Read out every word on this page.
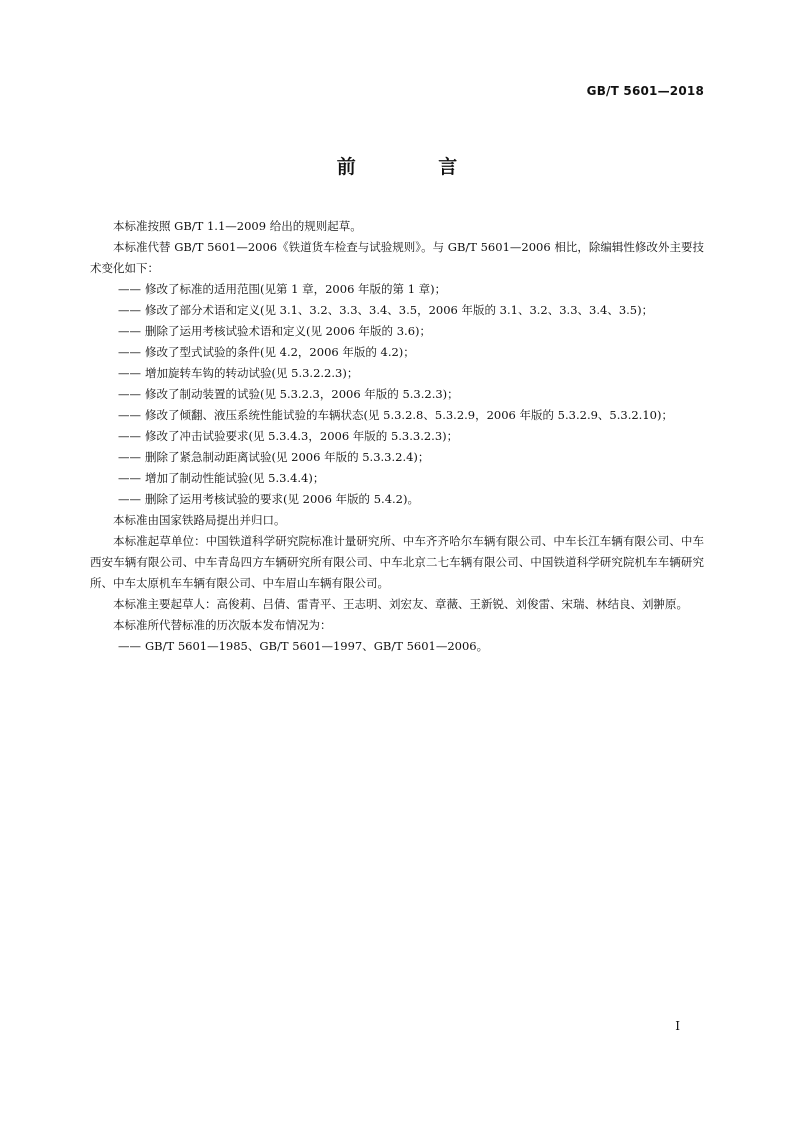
GB/T 5601—2018
前 言

本标准按照 GB/T 1.1—2009 给出的规则起草。

本标准代替 GB/T 5601—2006《铁道货车检查与试验规则》。与 GB/T 5601—2006 相比，除编辑性修改外主要技术变化如下：

—— 修改了标准的适用范围(见第 1 章，2006 年版的第 1 章)；

—— 修改了部分术语和定义(见 3.1、3.2、3.3、3.4、3.5，2006 年版的 3.1、3.2、3.3、3.4、3.5)；

—— 删除了运用考核试验术语和定义(见 2006 年版的 3.6)；

—— 修改了型式试验的条件(见 4.2，2006 年版的 4.2)；

—— 增加旋转车钩的转动试验(见 5.3.2.2.3)；

—— 修改了制动装置的试验(见 5.3.2.3，2006 年版的 5.3.2.3)；

—— 修改了倾翻、液压系统性能试验的车辆状态(见 5.3.2.8、5.3.2.9，2006 年版的 5.3.2.9、5.3.2.10)；

—— 修改了冲击试验要求(见 5.3.4.3，2006 年版的 5.3.3.2.3)；

—— 删除了紧急制动距离试验(见 2006 年版的 5.3.3.2.4)；

—— 增加了制动性能试验(见 5.3.4.4)；

—— 删除了运用考核试验的要求(见 2006 年版的 5.4.2)。

本标准由国家铁路局提出并归口。

本标准起草单位：中国铁道科学研究院标准计量研究所、中车齐齐哈尔车辆有限公司、中车长江车辆有限公司、中车西安车辆有限公司、中车青岛四方车辆研究所有限公司、中车北京二七车辆有限公司、中国铁道科学研究院机车车辆研究所、中车太原机车车辆有限公司、中车眉山车辆有限公司。

本标准主要起草人：高俊莉、吕倩、雷青平、王志明、刘宏友、章薇、王新锐、刘俊雷、宋瑞、林结良、刘翀原。

本标准所代替标准的历次版本发布情况为：

—— GB/T 5601—1985、GB/T 5601—1997、GB/T 5601—2006。

I
